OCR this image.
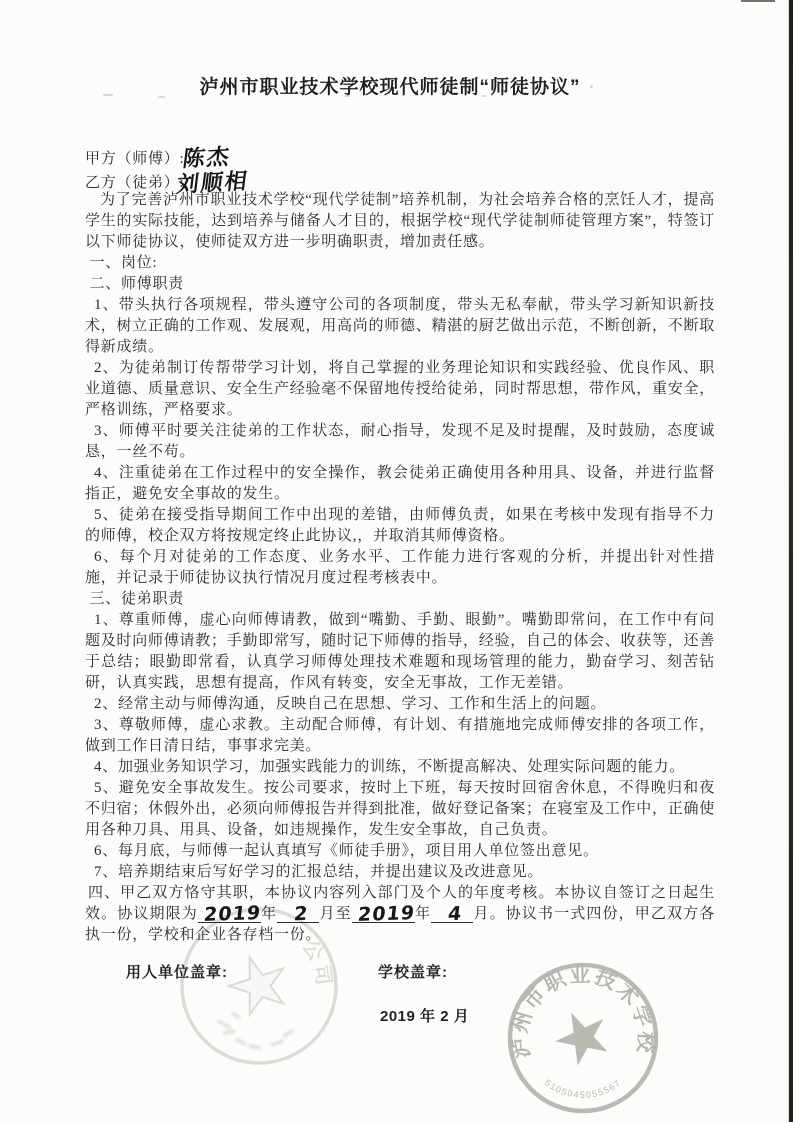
泸州市职业技术学校现代师徒制“师徒协议”
甲方（师傅）:
陈杰
乙方（徒弟）:
刘顺相

为了完善泸州市职业技术学校“现代学徒制”培养机制，为社会培养合格的烹饪人才，提高学生的实际技能，达到培养与储备人才目的，根据学校“现代学徒制师徒管理方案”，特签订以下师徒协议，使师徒双方进一步明确职责，增加责任感。

一、岗位:

二、师傅职责

1、带头执行各项规程，带头遵守公司的各项制度，带头无私奉献，带头学习新知识新技术，树立正确的工作观、发展观，用高尚的师德、精湛的厨艺做出示范，不断创新，不断取得新成绩。

2、为徒弟制订传帮带学习计划，将自己掌握的业务理论知识和实践经验、优良作风、职业道德、质量意识、安全生产经验毫不保留地传授给徒弟，同时帮思想，带作风，重安全，严格训练，严格要求。

3、师傅平时要关注徒弟的工作状态，耐心指导，发现不足及时提醒，及时鼓励，态度诚恳，一丝不苟。

4、注重徒弟在工作过程中的安全操作，教会徒弟正确使用各种用具、设备，并进行监督指正，避免安全事故的发生。

5、徒弟在接受指导期间工作中出现的差错，由师傅负责，如果在考核中发现有指导不力的师傅，校企双方将按规定终止此协议,，并取消其师傅资格。

6、每个月对徒弟的工作态度、业务水平、工作能力进行客观的分析，并提出针对性措施，并记录于师徒协议执行情况月度过程考核表中。

三、徒弟职责

1、尊重师傅，虚心向师傅请教，做到“嘴勤、手勤、眼勤”。嘴勤即常问，在工作中有问题及时向师傅请教；手勤即常写，随时记下师傅的指导，经验，自己的体会、收获等，还善于总结；眼勤即常看，认真学习师傅处理技术难题和现场管理的能力，勤奋学习、刻苦钻研，认真实践，思想有提高，作风有转变，安全无事故，工作无差错。

2、经常主动与师傅沟通，反映自己在思想、学习、工作和生活上的问题。

3、尊敬师傅，虚心求教。主动配合师傅，有计划、有措施地完成师傅安排的各项工作，做到工作日清日结，事事求完美。

4、加强业务知识学习，加强实践能力的训练，不断提高解决、处理实际问题的能力。

5、避免安全事故发生。按公司要求，按时上下班，每天按时回宿舍休息，不得晚归和夜不归宿；休假外出，必须向师傅报告并得到批准，做好登记备案；在寝室及工作中，正确使用各种刀具、用具、设备，如违规操作，发生安全事故，自己负责。

6、每月底，与师傅一起认真填写《师徒手册》，项目用人单位签出意见。

7、培养期结束后写好学习的汇报总结，并提出建议及改进意见。

四、甲乙双方恪守其职，本协议内容列入部门及个人的年度考核。本协议自签订之日起生效。协议期限为 2019年 2 月至 2019年 4 月。协议书一式四份，甲乙双方各执一份，学校和企业各存档一份。

用人单位盖章:	学校盖章:
2019 年 2 月
公司
泸州市职业技术学校
5105045055567
